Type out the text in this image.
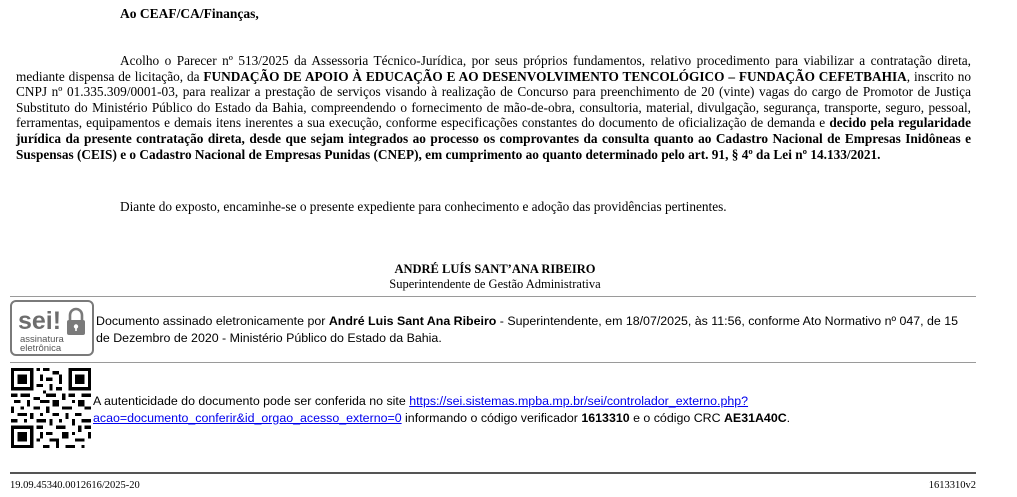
Ao CEAF/CA/Finanças,
Acolho o Parecer nº 513/2025 da Assessoria Técnico-Jurídica, por seus próprios fundamentos, relativo procedimento para viabilizar a contratação direta, mediante dispensa de licitação, da FUNDAÇÃO DE APOIO À EDUCAÇÃO E AO DESENVOLVIMENTO TENCOLÓGICO – FUNDAÇÃO CEFETBAHIA, inscrito no CNPJ nº 01.335.309/0001-03, para realizar a prestação de serviços visando à realização de Concurso para preenchimento de 20 (vinte) vagas do cargo de Promotor de Justiça Substituto do Ministério Público do Estado da Bahia, compreendendo o fornecimento de mão-de-obra, consultoria, material, divulgação, segurança, transporte, seguro, pessoal, ferramentas, equipamentos e demais itens inerentes a sua execução, conforme especificações constantes do documento de oficialização de demanda e decido pela regularidade jurídica da presente contratação direta, desde que sejam integrados ao processo os comprovantes da consulta quanto ao Cadastro Nacional de Empresas Inidôneas e Suspensas (CEIS) e o Cadastro Nacional de Empresas Punidas (CNEP), em cumprimento ao quanto determinado pelo art. 91, § 4º da Lei nº 14.133/2021.
Diante do exposto, encaminhe-se o presente expediente para conhecimento e adoção das providências pertinentes.
ANDRÉ LUÍS SANT’ANA RIBEIRO
Superintendente de Gestão Administrativa
sei!
assinatura
eletrônica
Documento assinado eletronicamente por André Luis Sant Ana Ribeiro - Superintendente, em 18/07/2025, às 11:56, conforme Ato Normativo nº 047, de 15 de Dezembro de 2020 - Ministério Público do Estado da Bahia.
A autenticidade do documento pode ser conferida no site https://sei.sistemas.mpba.mp.br/sei/controlador_externo.php?
acao=documento_conferir&id_orgao_acesso_externo=0 informando o código verificador 1613310 e o código CRC AE31A40C.
19.09.45340.0012616/2025-20	1613310v2
